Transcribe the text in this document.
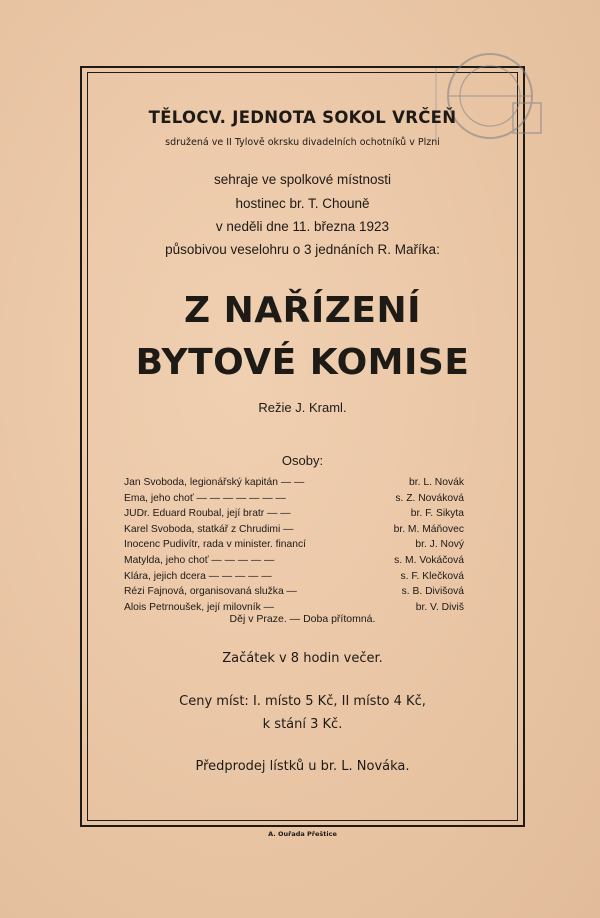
TĚLOCV. JEDNOTA SOKOL VRČEŇ
sdružená ve II Tylově okrsku divadelních ochotníků v Plzni
sehraje ve spolkové místnosti
hostinec br. T. Chouně
v neděli dne 11. března 1923
působivou veselohru o 3 jednáních R. Maříka:
Z NAŘÍZENÍ
BYTOVÉ KOMISE
Režie J. Kraml.
Osoby:
Jan Svoboda, legionářský kapitán — —	br. L. Novák
Ema, jeho choť — — — — — — —	s. Z. Nováková
JUDr. Eduard Roubal, její bratr — —	br. F. Sikyta
Karel Svoboda, statkář z Chrudimi —	br. M. Máňovec
Inocenc Pudivítr, rada v minister. financí	br. J. Nový
Matylda, jeho choť — — — — —	s. M. Vokáčová
Klára, jejich dcera — — — — —	s. F. Klečková
Rézi Fajnová, organisovaná služka —	s. B. Divišová
Alois Petrnoušek, její milovník —	br. V. Diviš
Děj v Praze. — Doba přítomná.
Začátek v 8 hodin večer.
Ceny míst: I. místo 5 Kč, II místo 4 Kč,
k stání 3 Kč.
Předprodej lístků u br. L. Nováka.
A. Ouřada Přeštice
